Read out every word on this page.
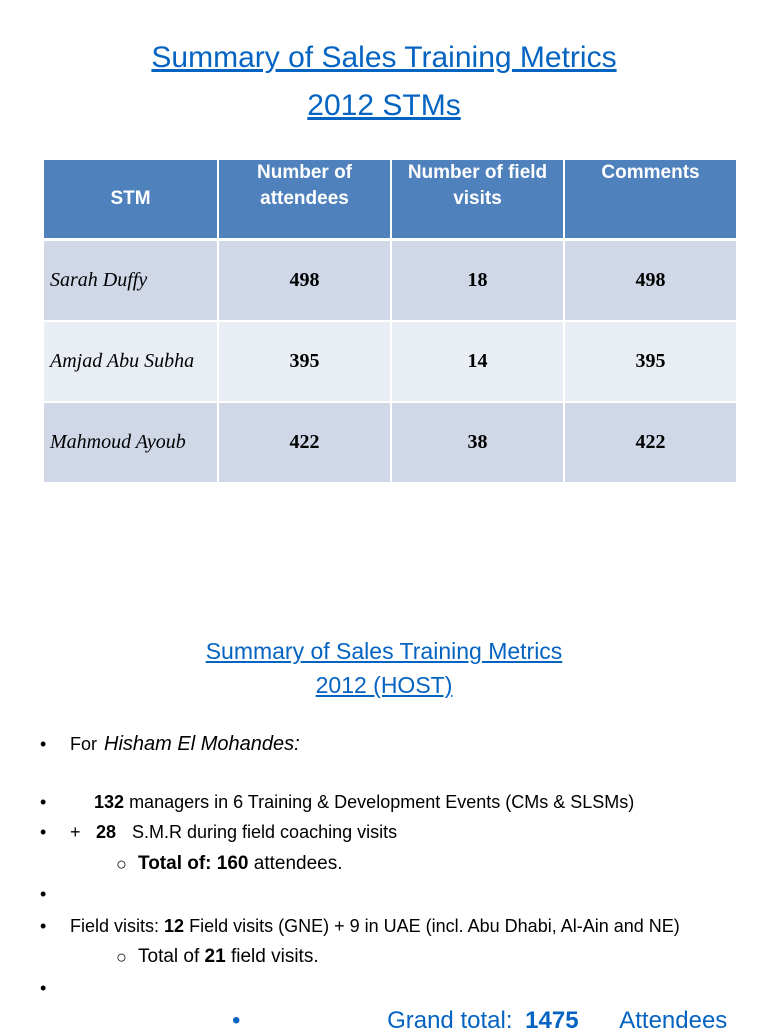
Summary of Sales Training Metrics
2012 STMs
STM	Number of attendees	Number of field visits	Comments
Sarah Duffy	498	18	498
Amjad Abu Subha	395	14	395
Mahmoud Ayoub	422	38	422
Summary of Sales Training Metrics
2012 (HOST)
• For Hisham El Mohandes:
•	132 managers in 6 Training & Development Events (CMs & SLSMs)
• + 28 S.M.R during field coaching visits
○ Total of: 160 attendees.
•
• Field visits: 12 Field visits (GNE) + 9 in UAE (incl. Abu Dhabi, Al-Ain and NE)
○ Total of 21 field visits.
•
•	Grand total: 1475 Attendees
